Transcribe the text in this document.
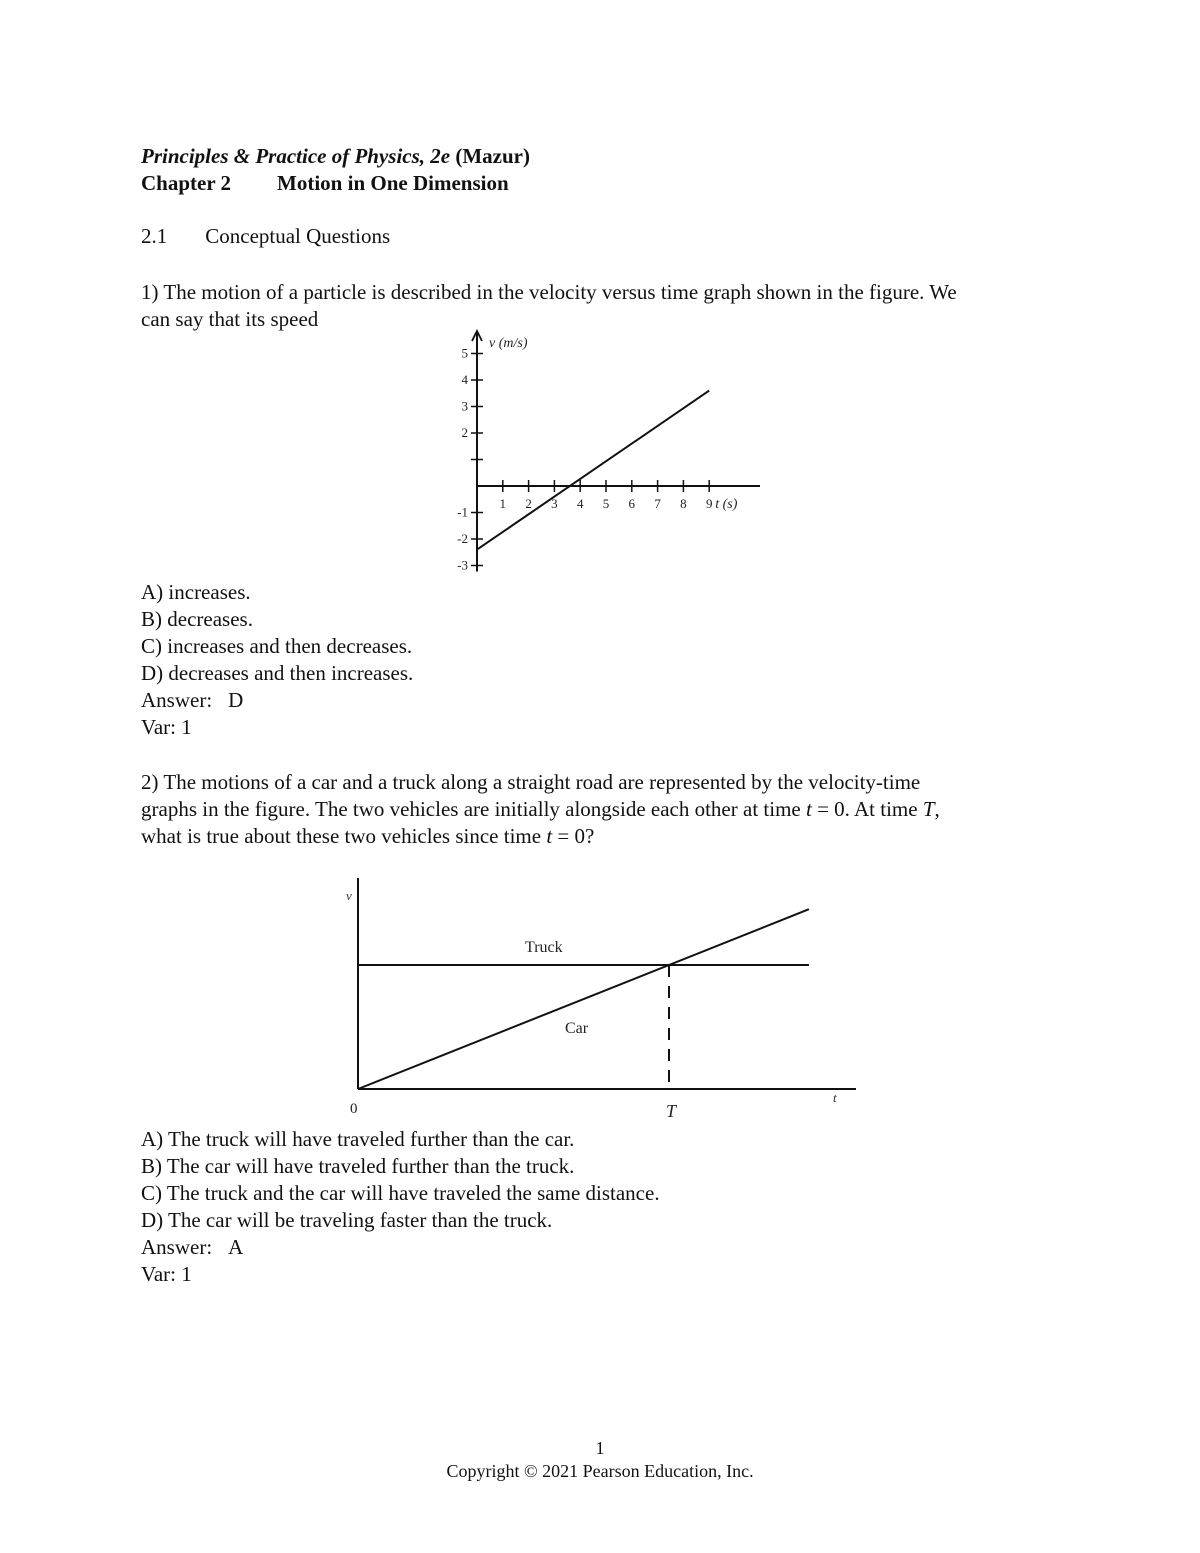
Principles & Practice of Physics, 2e (Mazur)
Chapter 2 Motion in One Dimension
2.1 Conceptual Questions
1) The motion of a particle is described in the velocity versus time graph shown in the figure. We
can say that its speed
1 2 3 4 5 6 7 8 9
5
4
3
2
-1
-2
-3
v (m/s)
t (s)
A) increases.
B) decreases.
C) increases and then decreases.
D) decreases and then increases.
Answer: D
Var: 1
2) The motions of a car and a truck along a straight road are represented by the velocity-time
graphs in the figure. The two vehicles are initially alongside each other at time t = 0. At time T,
what is true about these two vehicles since time t = 0?
v
t
0	T
Truck
Car
A) The truck will have traveled further than the car.
B) The car will have traveled further than the truck.
C) The truck and the car will have traveled the same distance.
D) The car will be traveling faster than the truck.
Answer: A
Var: 1
1
Copyright © 2021 Pearson Education, Inc.
